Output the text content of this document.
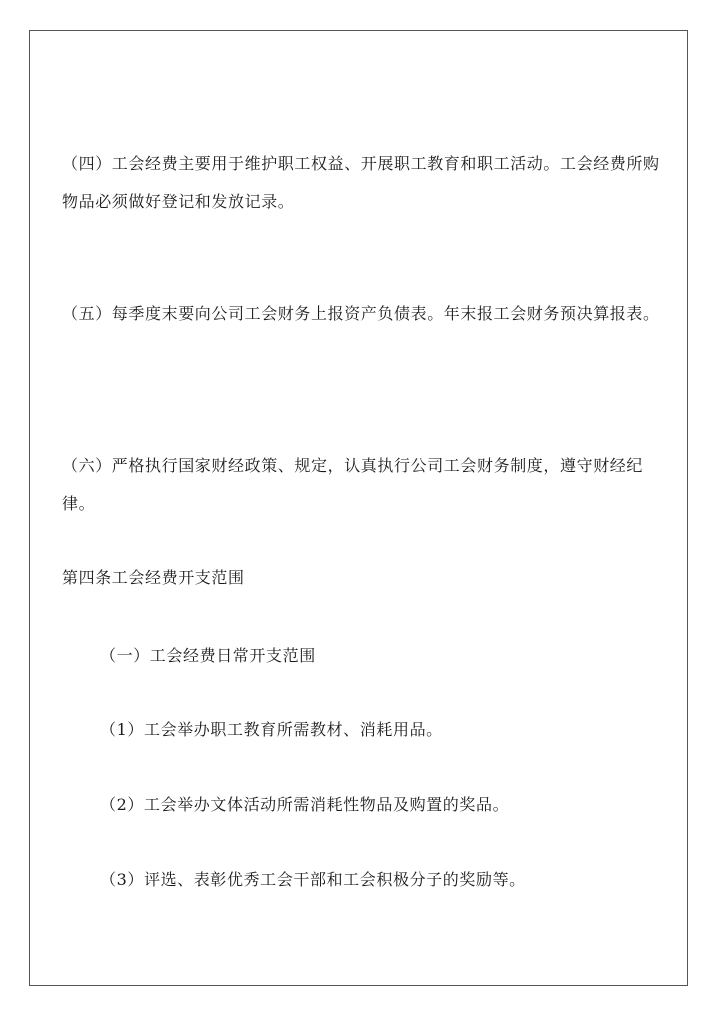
（四）工会经费主要用于维护职工权益、开展职工教育和职工活动。工会经费所购物品必须做好登记和发放记录。

（五）每季度末要向公司工会财务上报资产负债表。年末报工会财务预决算报表。

（六）严格执行国家财经政策、规定，认真执行公司工会财务制度，遵守财经纪律。

第四条工会经费开支范围

（一）工会经费日常开支范围

（1）工会举办职工教育所需教材、消耗用品。

（2）工会举办文体活动所需消耗性物品及购置的奖品。

（3）评选、表彰优秀工会干部和工会积极分子的奖励等。
